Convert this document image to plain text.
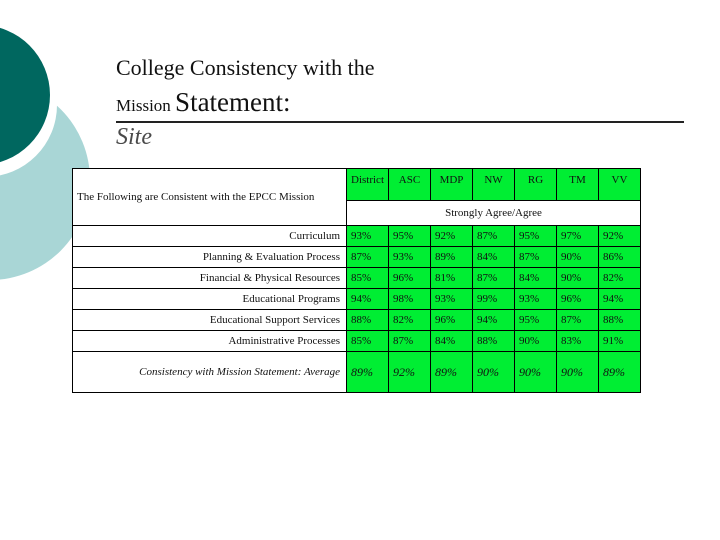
College Consistency with the
Mission Statement:
Site
The Following are Consistent with the EPCC Mission	District	ASC	MDP	NW	RG	TM	VV
	Strongly Agree/Agree						
Curriculum	93%	95%	92%	87%	95%	97%	92%
Planning & Evaluation Process	87%	93%	89%	84%	87%	90%	86%
Financial & Physical Resources	85%	96%	81%	87%	84%	90%	82%
Educational Programs	94%	98%	93%	99%	93%	96%	94%
Educational Support Services	88%	82%	96%	94%	95%	87%	88%
Administrative Processes	85%	87%	84%	88%	90%	83%	91%
Consistency with Mission Statement: Average	89%	92%	89%	90%	90%	90%	89%
